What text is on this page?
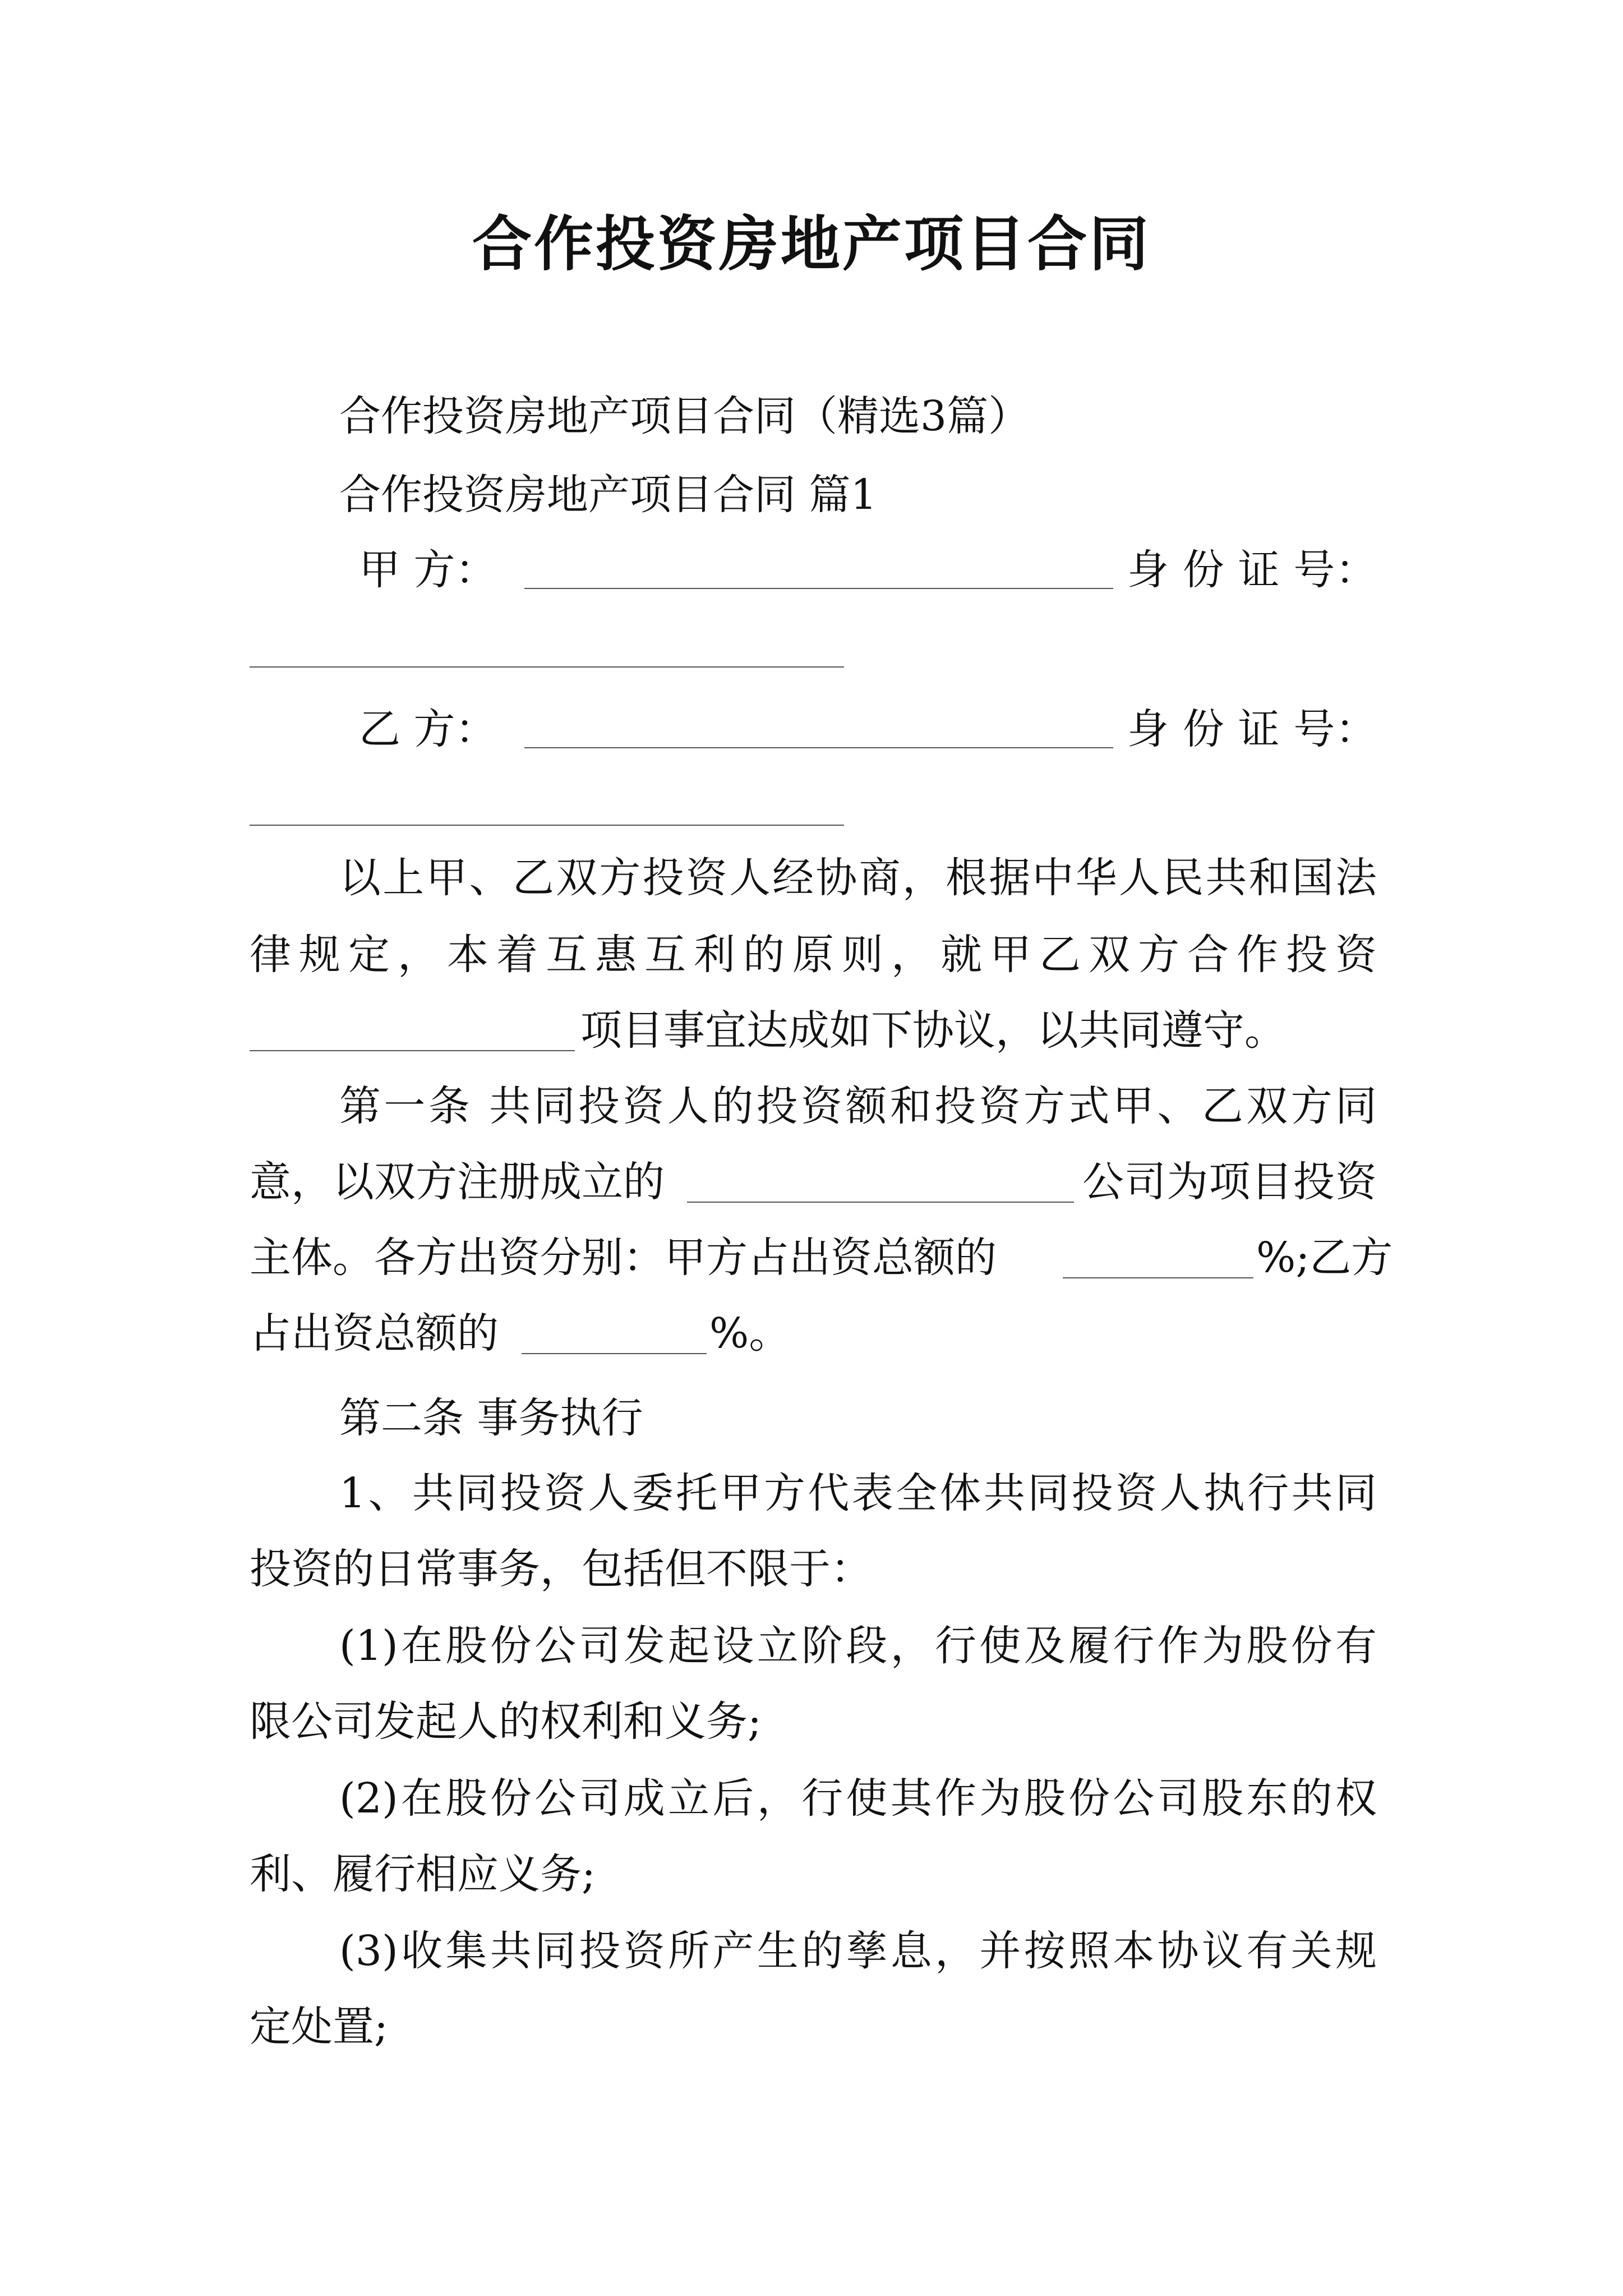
合作投资房地产项目合同
合作投资房地产项目合同（精选3篇）
合作投资房地产项目合同 篇1
甲 方：	身 份 证 号：
乙 方：	身 份 证 号：
以上甲、乙双方投资人经协商，根据中华人民共和国法
律规定，本着互惠互利的原则，就甲乙双方合作投资
项目事宜达成如下协议，以共同遵守。
第一条 共同投资人的投资额和投资方式甲、乙双方同
意，以双方注册成立的	公司为项目投资
主体。各方出资分别：甲方占出资总额的	%;乙方
占出资总额的	%。
第二条 事务执行
1、共同投资人委托甲方代表全体共同投资人执行共同
投资的日常事务，包括但不限于：
(1)在股份公司发起设立阶段，行使及履行作为股份有
限公司发起人的权利和义务;
(2)在股份公司成立后，行使其作为股份公司股东的权
利、履行相应义务;
(3)收集共同投资所产生的孳息，并按照本协议有关规
定处置;
